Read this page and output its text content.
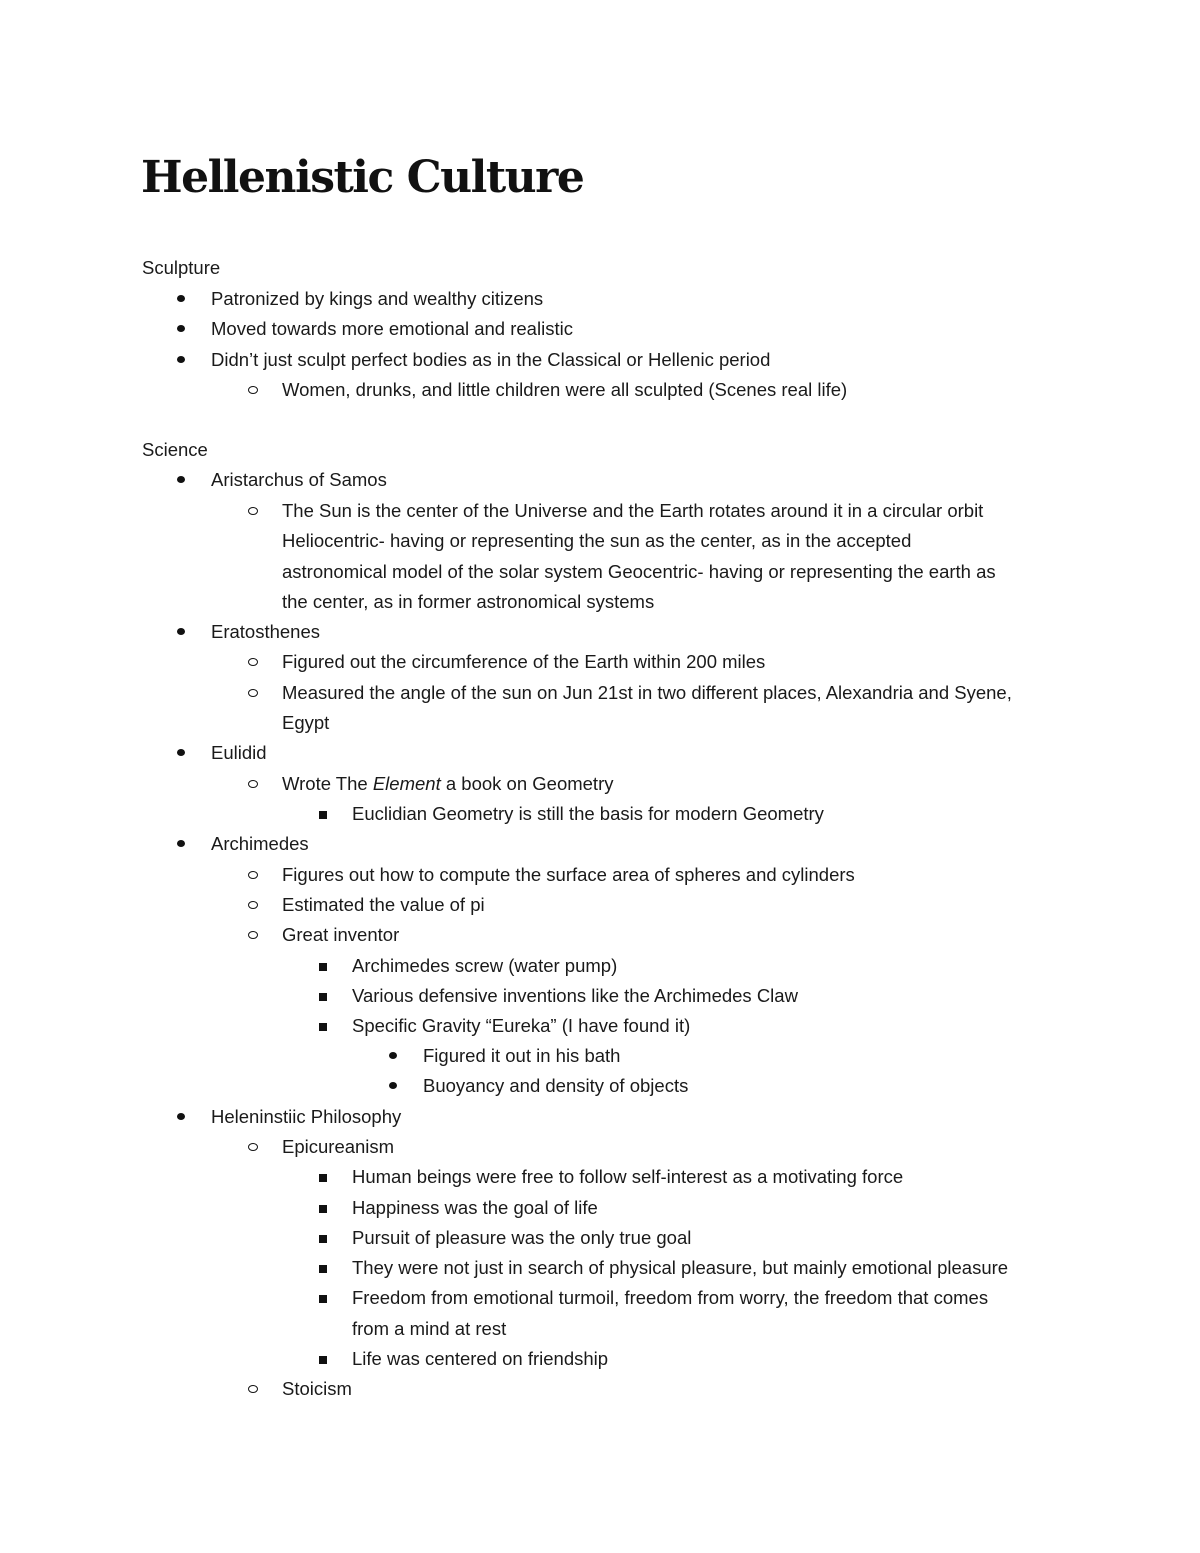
Hellenistic Culture
Sculpture
Patronized by kings and wealthy citizens
Moved towards more emotional and realistic
Didn’t just sculpt perfect bodies as in the Classical or Hellenic period
Women, drunks, and little children were all sculpted (Scenes real life)
Science
Aristarchus of Samos
The Sun is the center of the Universe and the Earth rotates around it in a circular orbit
Heliocentric- having or representing the sun as the center, as in the accepted
astronomical model of the solar system Geocentric- having or representing the earth as
the center, as in former astronomical systems
Eratosthenes
Figured out the circumference of the Earth within 200 miles
Measured the angle of the sun on Jun 21st in two different places, Alexandria and Syene,
Egypt
Eulidid
Wrote The Element a book on Geometry
Euclidian Geometry is still the basis for modern Geometry
Archimedes
Figures out how to compute the surface area of spheres and cylinders
Estimated the value of pi
Great inventor
Archimedes screw (water pump)
Various defensive inventions like the Archimedes Claw
Specific Gravity “Eureka” (I have found it)
Figured it out in his bath
Buoyancy and density of objects
Heleninstiic Philosophy
Epicureanism
Human beings were free to follow self-interest as a motivating force
Happiness was the goal of life
Pursuit of pleasure was the only true goal
They were not just in search of physical pleasure, but mainly emotional pleasure
Freedom from emotional turmoil, freedom from worry, the freedom that comes
from a mind at rest
Life was centered on friendship
Stoicism
